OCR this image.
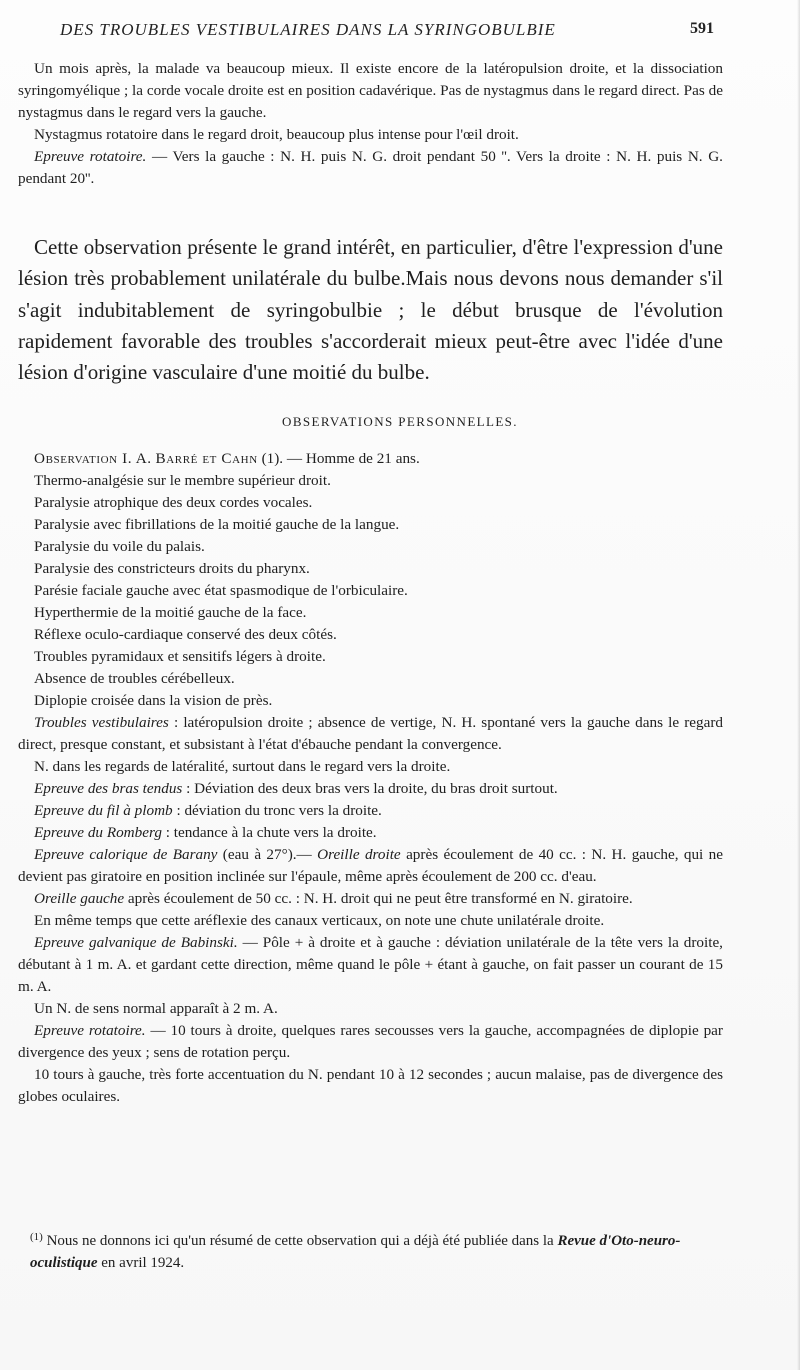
DES TROUBLES VESTIBULAIRES DANS LA SYRINGOBULBIE	591

Un mois après, la malade va beaucoup mieux. Il existe encore de la latéropulsion droite, et la dissociation syringomyélique ; la corde vocale droite est en position cadavérique. Pas de nystagmus dans le regard direct. Pas de nystagmus dans le regard vers la gauche.

Nystagmus rotatoire dans le regard droit, beaucoup plus intense pour l'œil droit.

Epreuve rotatoire. — Vers la gauche : N. H. puis N. G. droit pendant 50 ''. Vers la droite : N. H. puis N. G. pendant 20''.

Cette observation présente le grand intérêt, en particulier, d'être l'expression d'une lésion très probablement unilatérale du bulbe.Mais nous devons nous demander s'il s'agit indubitablement de syringobulbie ; le début brusque de l'évolution rapidement favorable des troubles s'accorderait mieux peut-être avec l'idée d'une lésion d'origine vasculaire d'une moitié du bulbe.

OBSERVATIONS PERSONNELLES.

Observation I. A. Barré et Cahn (1). — Homme de 21 ans.

Thermo-analgésie sur le membre supérieur droit.

Paralysie atrophique des deux cordes vocales.

Paralysie avec fibrillations de la moitié gauche de la langue.

Paralysie du voile du palais.

Paralysie des constricteurs droits du pharynx.

Parésie faciale gauche avec état spasmodique de l'orbiculaire.

Hyperthermie de la moitié gauche de la face.

Réflexe oculo-cardiaque conservé des deux côtés.

Troubles pyramidaux et sensitifs légers à droite.

Absence de troubles cérébelleux.

Diplopie croisée dans la vision de près.

Troubles vestibulaires : latéropulsion droite ; absence de vertige, N. H. spontané vers la gauche dans le regard direct, presque constant, et subsistant à l'état d'ébauche pendant la convergence.

N. dans les regards de latéralité, surtout dans le regard vers la droite.

Epreuve des bras tendus : Déviation des deux bras vers la droite, du bras droit surtout.

Epreuve du fil à plomb : déviation du tronc vers la droite.

Epreuve du Romberg : tendance à la chute vers la droite.

Epreuve calorique de Barany (eau à 27°).— Oreille droite après écoulement de 40 cc. : N. H. gauche, qui ne devient pas giratoire en position inclinée sur l'épaule, même après écoulement de 200 cc. d'eau.

Oreille gauche après écoulement de 50 cc. : N. H. droit qui ne peut être transformé en N. giratoire.

En même temps que cette aréflexie des canaux verticaux, on note une chute unilatérale droite.

Epreuve galvanique de Babinski. — Pôle + à droite et à gauche : déviation unilatérale de la tête vers la droite, débutant à 1 m. A. et gardant cette direction, même quand le pôle + étant à gauche, on fait passer un courant de 15 m. A.

Un N. de sens normal apparaît à 2 m. A.

Epreuve rotatoire. — 10 tours à droite, quelques rares secousses vers la gauche, accompagnées de diplopie par divergence des yeux ; sens de rotation perçu.

10 tours à gauche, très forte accentuation du N. pendant 10 à 12 secondes ; aucun malaise, pas de divergence des globes oculaires.

$^{(1)}$ Nous ne donnons ici qu'un résumé de cette observation qui a déjà été publiée dans la Revue d'Oto-neuro-oculistique en avril 1924.
